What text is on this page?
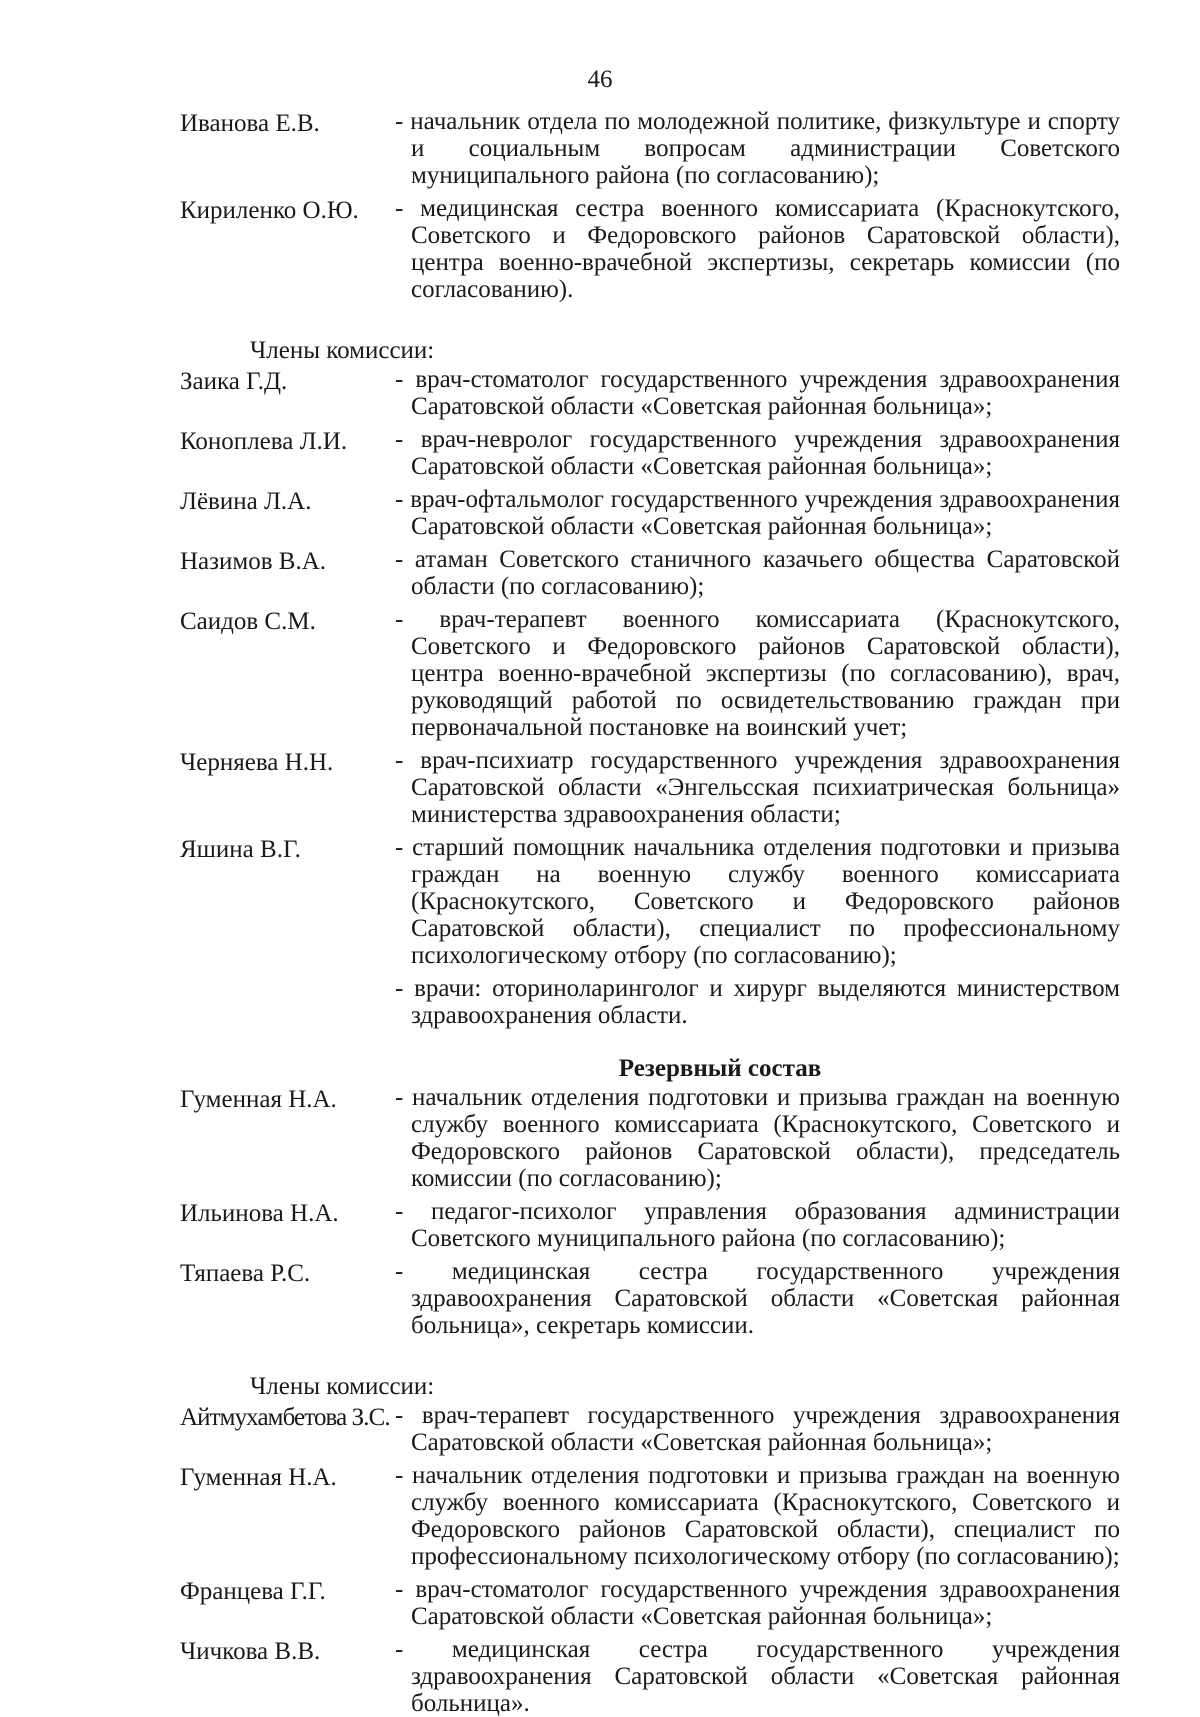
46
Иванова Е.В.	- начальник отдела по молодежной политике, физкультуре и спорту и социальным вопросам администрации Советского муниципального района (по согласованию);
Кириленко О.Ю.	- медицинская сестра военного комиссариата (Краснокутского, Советского и Федоровского районов Саратовской области), центра военно-врачебной экспертизы, секретарь комиссии (по согласованию).
Члены комиссии:
Заика Г.Д.	- врач-стоматолог государственного учреждения здравоохранения Саратовской области «Советская районная больница»;
Коноплева Л.И.	- врач-невролог государственного учреждения здравоохранения Саратовской области «Советская районная больница»;
Лёвина Л.А.	- врач-офтальмолог государственного учреждения здравоохранения Саратовской области «Советская районная больница»;
Назимов В.А.	- атаман Советского станичного казачьего общества Саратовской области (по согласованию);
Саидов С.М.	- врач-терапевт военного комиссариата (Краснокутского, Советского и Федоровского районов Саратовской области), центра военно-врачебной экспертизы (по согласованию), врач, руководящий работой по освидетельствованию граждан при первоначальной постановке на воинский учет;
Черняева Н.Н.	- врач-психиатр государственного учреждения здравоохранения Саратовской области «Энгельсская психиатрическая больница» министерства здравоохранения области;
Яшина В.Г.	- старший помощник начальника отделения подготовки и призыва граждан на военную службу военного комиссариата (Краснокутского, Советского и Федоровского районов Саратовской области), специалист по профессиональному психологическому отбору (по согласованию);
- врачи: оториноларинголог и хирург выделяются министерством здравоохранения области.
Резервный состав
Гуменная Н.А.	- начальник отделения подготовки и призыва граждан на военную службу военного комиссариата (Краснокутского, Советского и Федоровского районов Саратовской области), председатель комиссии (по согласованию);
Ильинова Н.А.	- педагог-психолог управления образования администрации Советского муниципального района (по согласованию);
Тяпаева Р.С.	- медицинская сестра государственного учреждения здравоохранения Саратовской области «Советская районная больница», секретарь комиссии.
Члены комиссии:
Айтмухамбетова З.С. - врач-терапевт государственного учреждения здравоохранения Саратовской области «Советская районная больница»;
Гуменная Н.А.	- начальник отделения подготовки и призыва граждан на военную службу военного комиссариата (Краснокутского, Советского и Федоровского районов Саратовской области), специалист по профессиональному психологическому отбору (по согласованию);
Францева Г.Г.	- врач-стоматолог государственного учреждения здравоохранения Саратовской области «Советская районная больница»;
Чичкова В.В.	- медицинская сестра государственного учреждения здравоохранения Саратовской области «Советская районная больница».
